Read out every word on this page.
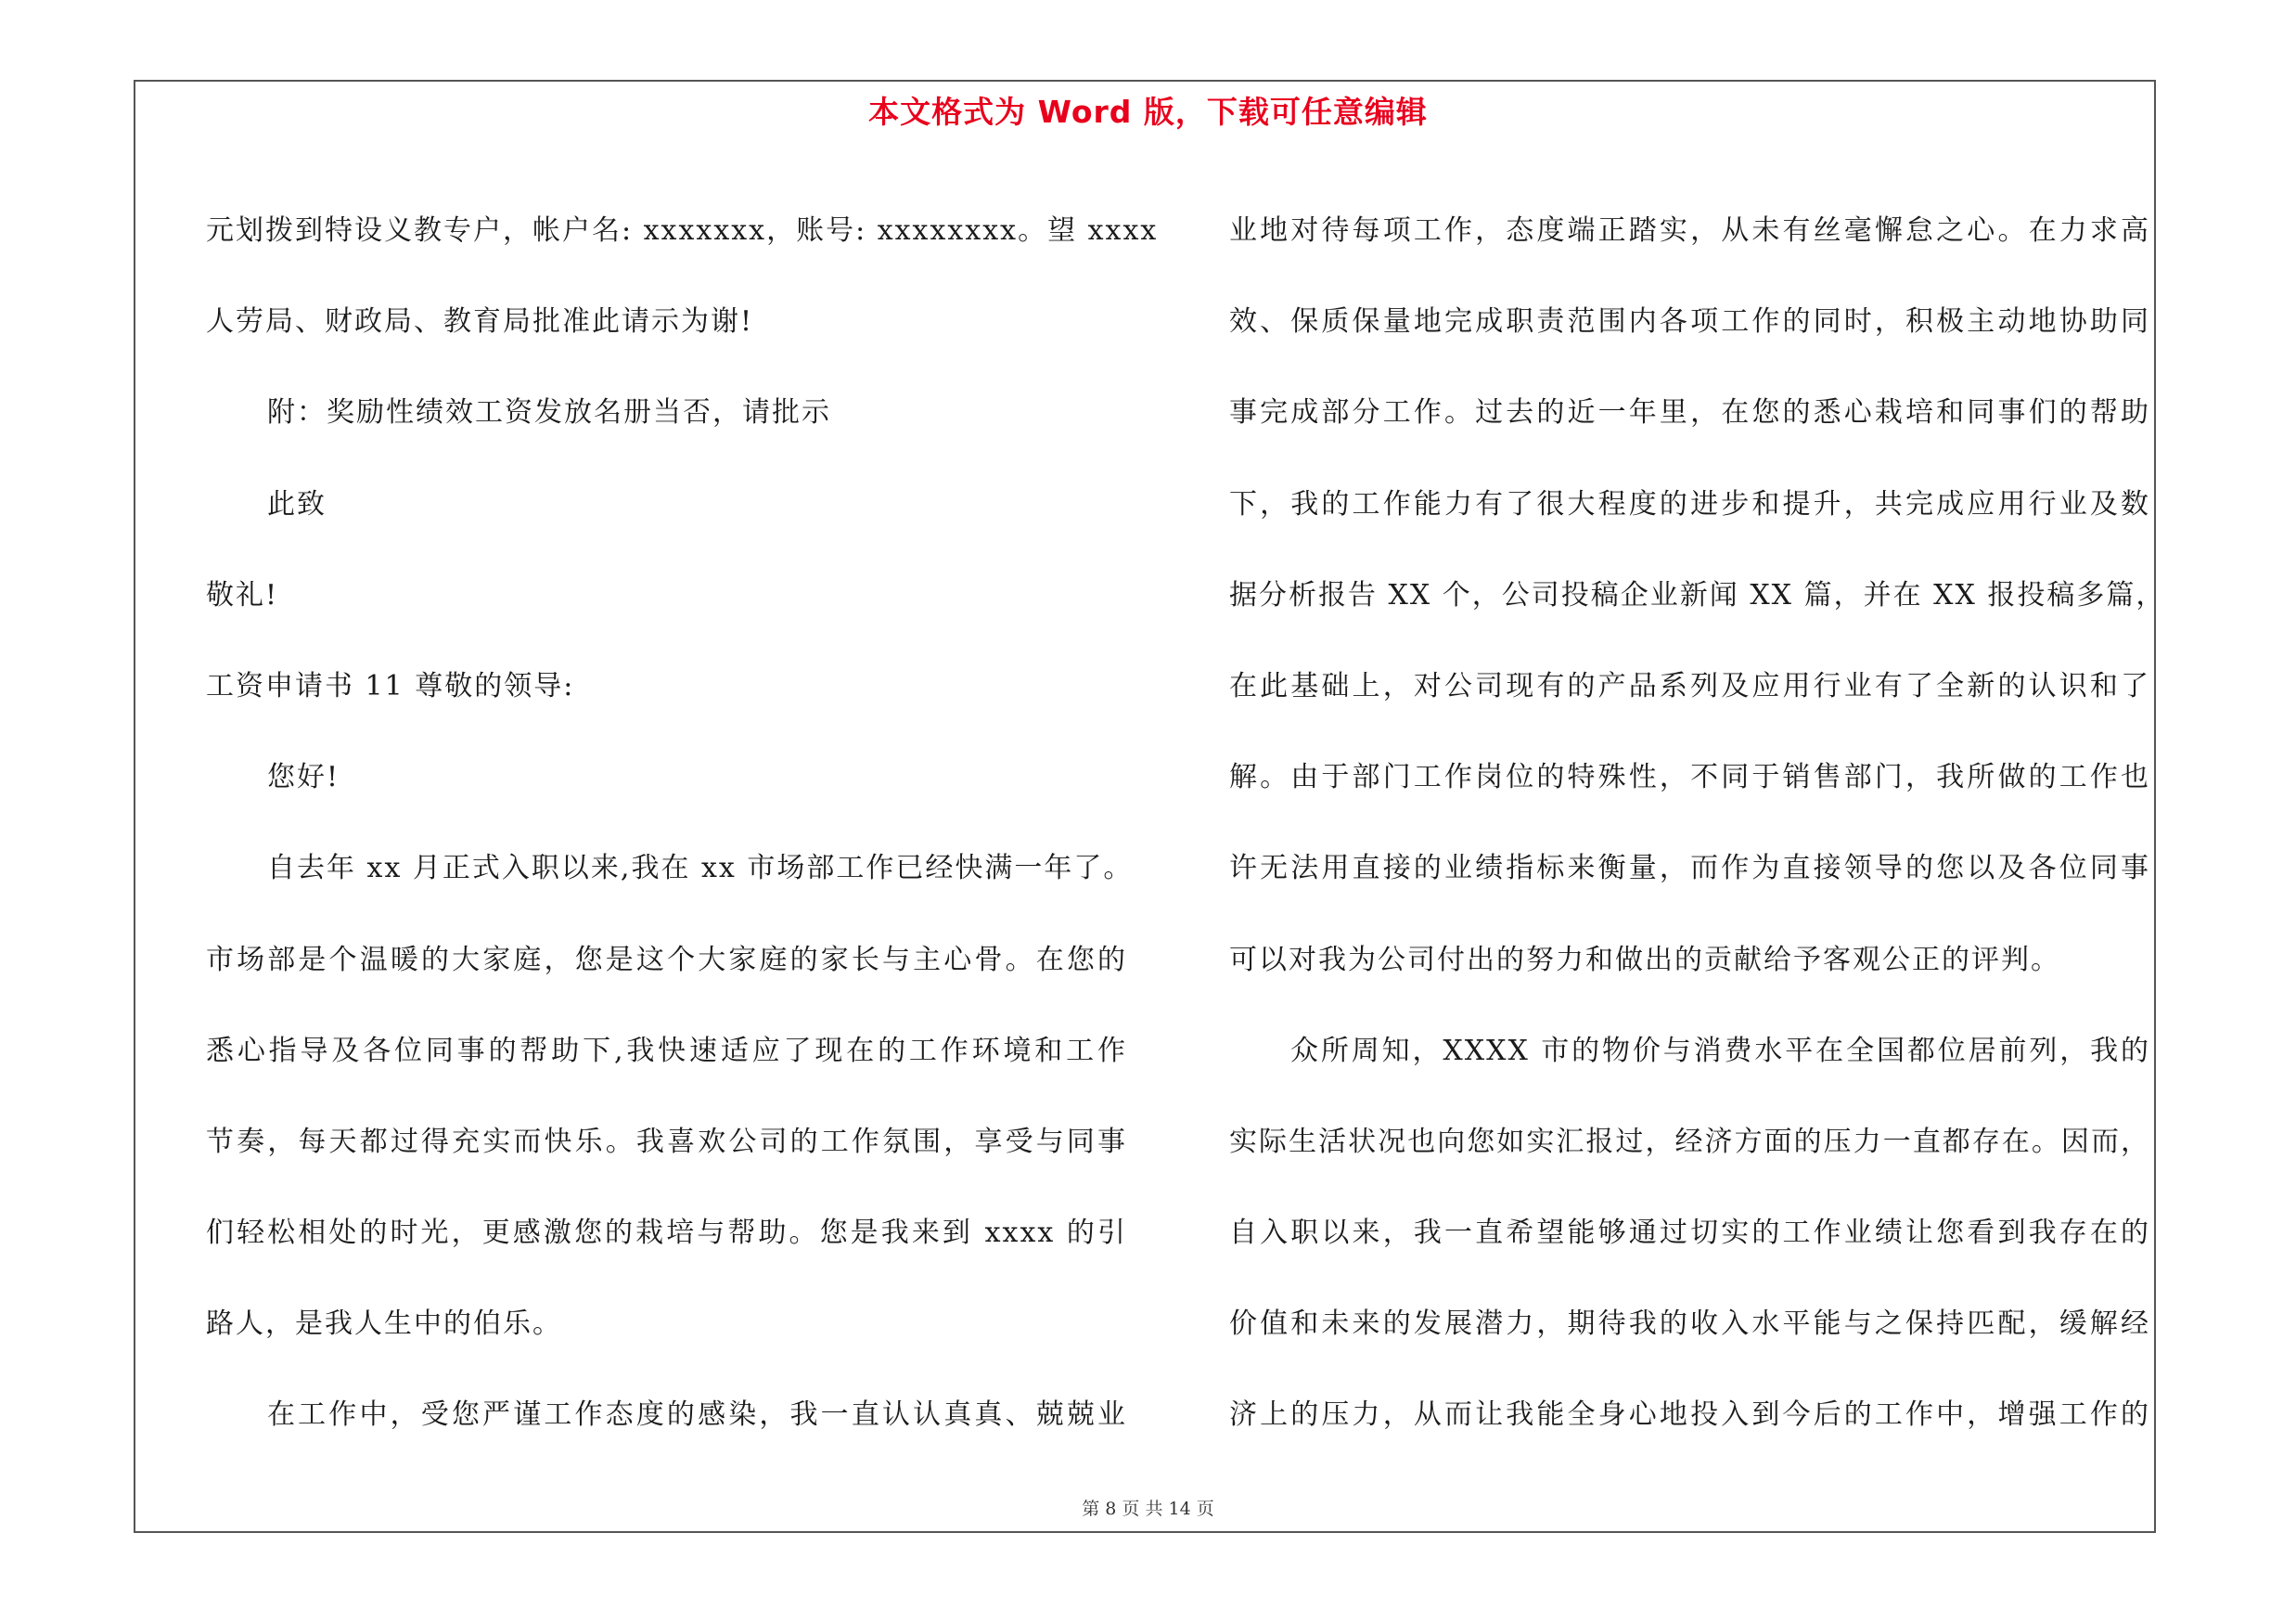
本文格式为 Word 版，下载可任意编辑
元划拨到特设义教专户，帐户名: xxxxxxx，账号: xxxxxxxx。望 xxxx
人劳局、财政局、教育局批准此请示为谢!
附：奖励性绩效工资发放名册当否，请批示
此致
敬礼!
工资申请书 11 尊敬的领导:
您好!
自去年 xx 月正式入职以来,我在 xx 市场部工作已经快满一年了。
市场部是个温暖的大家庭，您是这个大家庭的家长与主心骨。在您的
悉心指导及各位同事的帮助下,我快速适应了现在的工作环境和工作
节奏，每天都过得充实而快乐。我喜欢公司的工作氛围，享受与同事
们轻松相处的时光，更感激您的栽培与帮助。您是我来到 xxxx 的引
路人，是我人生中的伯乐。
在工作中，受您严谨工作态度的感染，我一直认认真真、兢兢业
业地对待每项工作，态度端正踏实，从未有丝毫懈怠之心。在力求高
效、保质保量地完成职责范围内各项工作的同时，积极主动地协助同
事完成部分工作。过去的近一年里，在您的悉心栽培和同事们的帮助
下，我的工作能力有了很大程度的进步和提升，共完成应用行业及数
据分析报告 XX 个，公司投稿企业新闻 XX 篇，并在 XX 报投稿多篇，
在此基础上，对公司现有的产品系列及应用行业有了全新的认识和了
解。由于部门工作岗位的特殊性，不同于销售部门，我所做的工作也
许无法用直接的业绩指标来衡量，而作为直接领导的您以及各位同事
可以对我为公司付出的努力和做出的贡献给予客观公正的评判。
众所周知，XXXX 市的物价与消费水平在全国都位居前列，我的
实际生活状况也向您如实汇报过，经济方面的压力一直都存在。因而，
自入职以来，我一直希望能够通过切实的工作业绩让您看到我存在的
价值和未来的发展潜力，期待我的收入水平能与之保持匹配，缓解经
济上的压力，从而让我能全身心地投入到今后的工作中，增强工作的
第 8 页 共 14 页
